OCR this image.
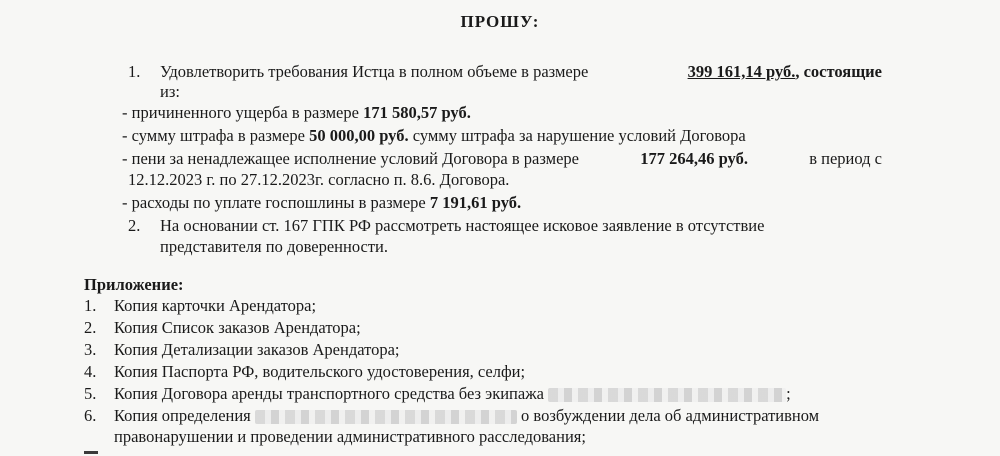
ПРОШУ:
1. Удовлетворить требования Истца в полном объеме в размере	399 161,14 руб., состоящие
из:
- причиненного ущерба в размере 171 580,57 руб.
- сумму штрафа в размере 50 000,00 руб. сумму штрафа за нарушение условий Договора
- пени за ненадлежащее исполнение условий Договора в размере	177 264,46 руб.	в период с
12.12.2023 г. по 27.12.2023г. согласно п. 8.6. Договора.
- расходы по уплате госпошлины в размере 7 191,61 руб.
2. На основании ст. 167 ГПК РФ рассмотреть настоящее исковое заявление в отсутствие
представителя по доверенности.
Приложение:
1. Копия карточки Арендатора;
2. Копия Список заказов Арендатора;
3. Копия Детализации заказов Арендатора;
4. Копия Паспорта РФ, водительского удостоверения, селфи;
5. Копия Договора аренды транспортного средства без экипажа	;
6. Копия определения	о возбуждении дела об административном
правонарушении и проведении административного расследования;
